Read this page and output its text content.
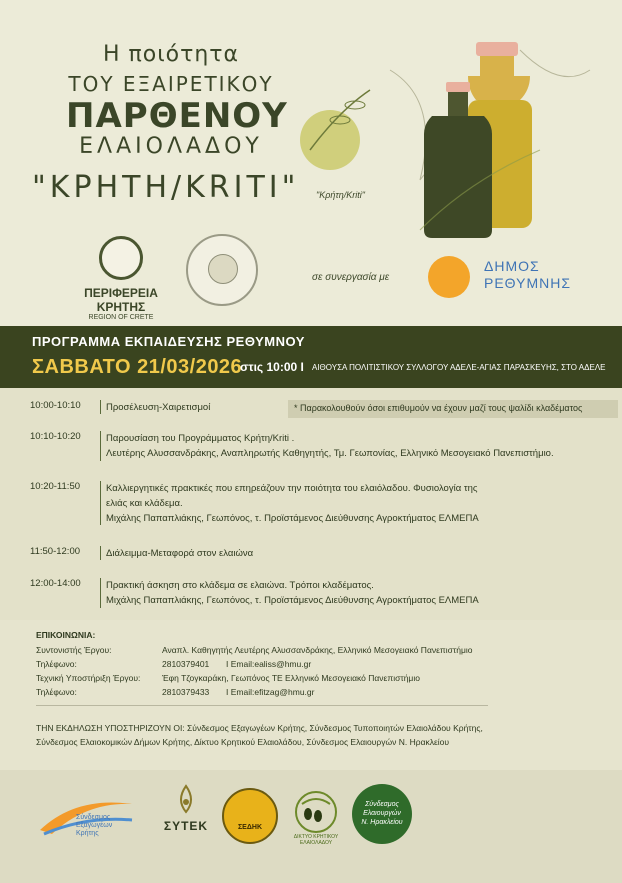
Η ποιότητα
ΤΟΥ ΕΞΑΙΡΕΤΙΚΟΥ
ΠΑΡΘΕΝΟΥ
ΕΛΑΙΟΛΑΔΟΥ
"ΚΡΗΤΗ/KRITI" "Κρήτη/Kriti"
ΠΕΡΙΦΕΡΕΙΑ ΚΡΗΤΗΣ
REGION OF CRETE
σε συνεργασία με
ΔΗΜΟΣ
ΡΕΘΥΜΝΗΣ
ΠΡΟΓΡΑΜΜΑ ΕΚΠΑΙΔΕΥΣΗΣ ΡΕΘΥΜΝΟΥ
ΣΑΒΒΑΤΟ 21/03/2026
στις 10:00 Ι ΑΙΘΟΥΣΑ ΠΟΛΙΤΙΣΤΙΚΟΥ ΣΥΛΛΟΓΟΥ ΑΔΕΛΕ-ΑΓΙΑΣ ΠΑΡΑΣΚΕΥΗΣ, ΣΤΟ ΑΔΕΛΕ
* Παρακολουθούν όσοι επιθυμούν να έχουν μαζί τους ψαλίδι κλαδέματος
10:00-10:10	Προσέλευση-Χαιρετισμοί
10:10-10:20	Παρουσίαση του Προγράμματος Κρήτη/Kriti .
Λευτέρης Αλυσσανδράκης, Αναπληρωτής Καθηγητής, Τμ. Γεωπονίας, Ελληνικό Μεσογειακό Πανεπιστήμιο.
10:20-11:50	Καλλιεργητικές πρακτικές που επηρεάζουν την ποιότητα του ελαιόλαδου. Φυσιολογία της
ελιάς και κλάδεμα.
Μιχάλης Παπαπλιάκης, Γεωπόνος, τ. Προϊστάμενος Διεύθυνσης Αγροκτήματος ΕΛΜΕΠΑ
11:50-12:00	Διάλειμμα-Μεταφορά στον ελαιώνα
12:00-14:00	Πρακτική άσκηση στο κλάδεμα σε ελαιώνα. Τρόποι κλαδέματος.
Μιχάλης Παπαπλιάκης, Γεωπόνος, τ. Προϊστάμενος Διεύθυνσης Αγροκτήματος ΕΛΜΕΠΑ
ΕΠΙΚΟΙΝΩΝΙΑ:
Συντονιστής Έργου:	Αναπλ. Καθηγητής Λευτέρης Αλυσσανδράκης, Ελληνικό Μεσογειακό Πανεπιστήμιο
Τηλέφωνο:	2810379401 Ι Email:ealiss@hmu.gr
Τεχνική Υποστήριξη Έργου:	Έφη Τζογκαράκη, Γεωπόνος ΤΕ Ελληνικό Μεσογειακό Πανεπιστήμιο
Τηλέφωνο:	2810379433 Ι Email:efitzag@hmu.gr
ΤΗΝ ΕΚΔΗΛΩΣΗ ΥΠΟΣΤΗΡΙΖΟΥΝ ΟΙ: Σύνδεσμος Εξαγωγέων Κρήτης, Σύνδεσμος Τυποποιητών Ελαιολάδου Κρήτης,
Σύνδεσμος Ελαιοκομικών Δήμων Κρήτης, Δίκτυο Κρητικού Ελαιολάδου, Σύνδεσμος Ελαιουργών Ν. Ηρακλείου
Σύνδεσμος
Εξαγωγέων Κρήτης
ΣΥΤΕΚ	ΣΕΔΗΚ
ΔΙΚΤΥΟ ΚΡΗΤΙΚΟΥ ΕΛΑΙΟΛΑΔΟΥ
Σύνδεσμος
Ελαιουργών
Ν. Ηρακλείου
